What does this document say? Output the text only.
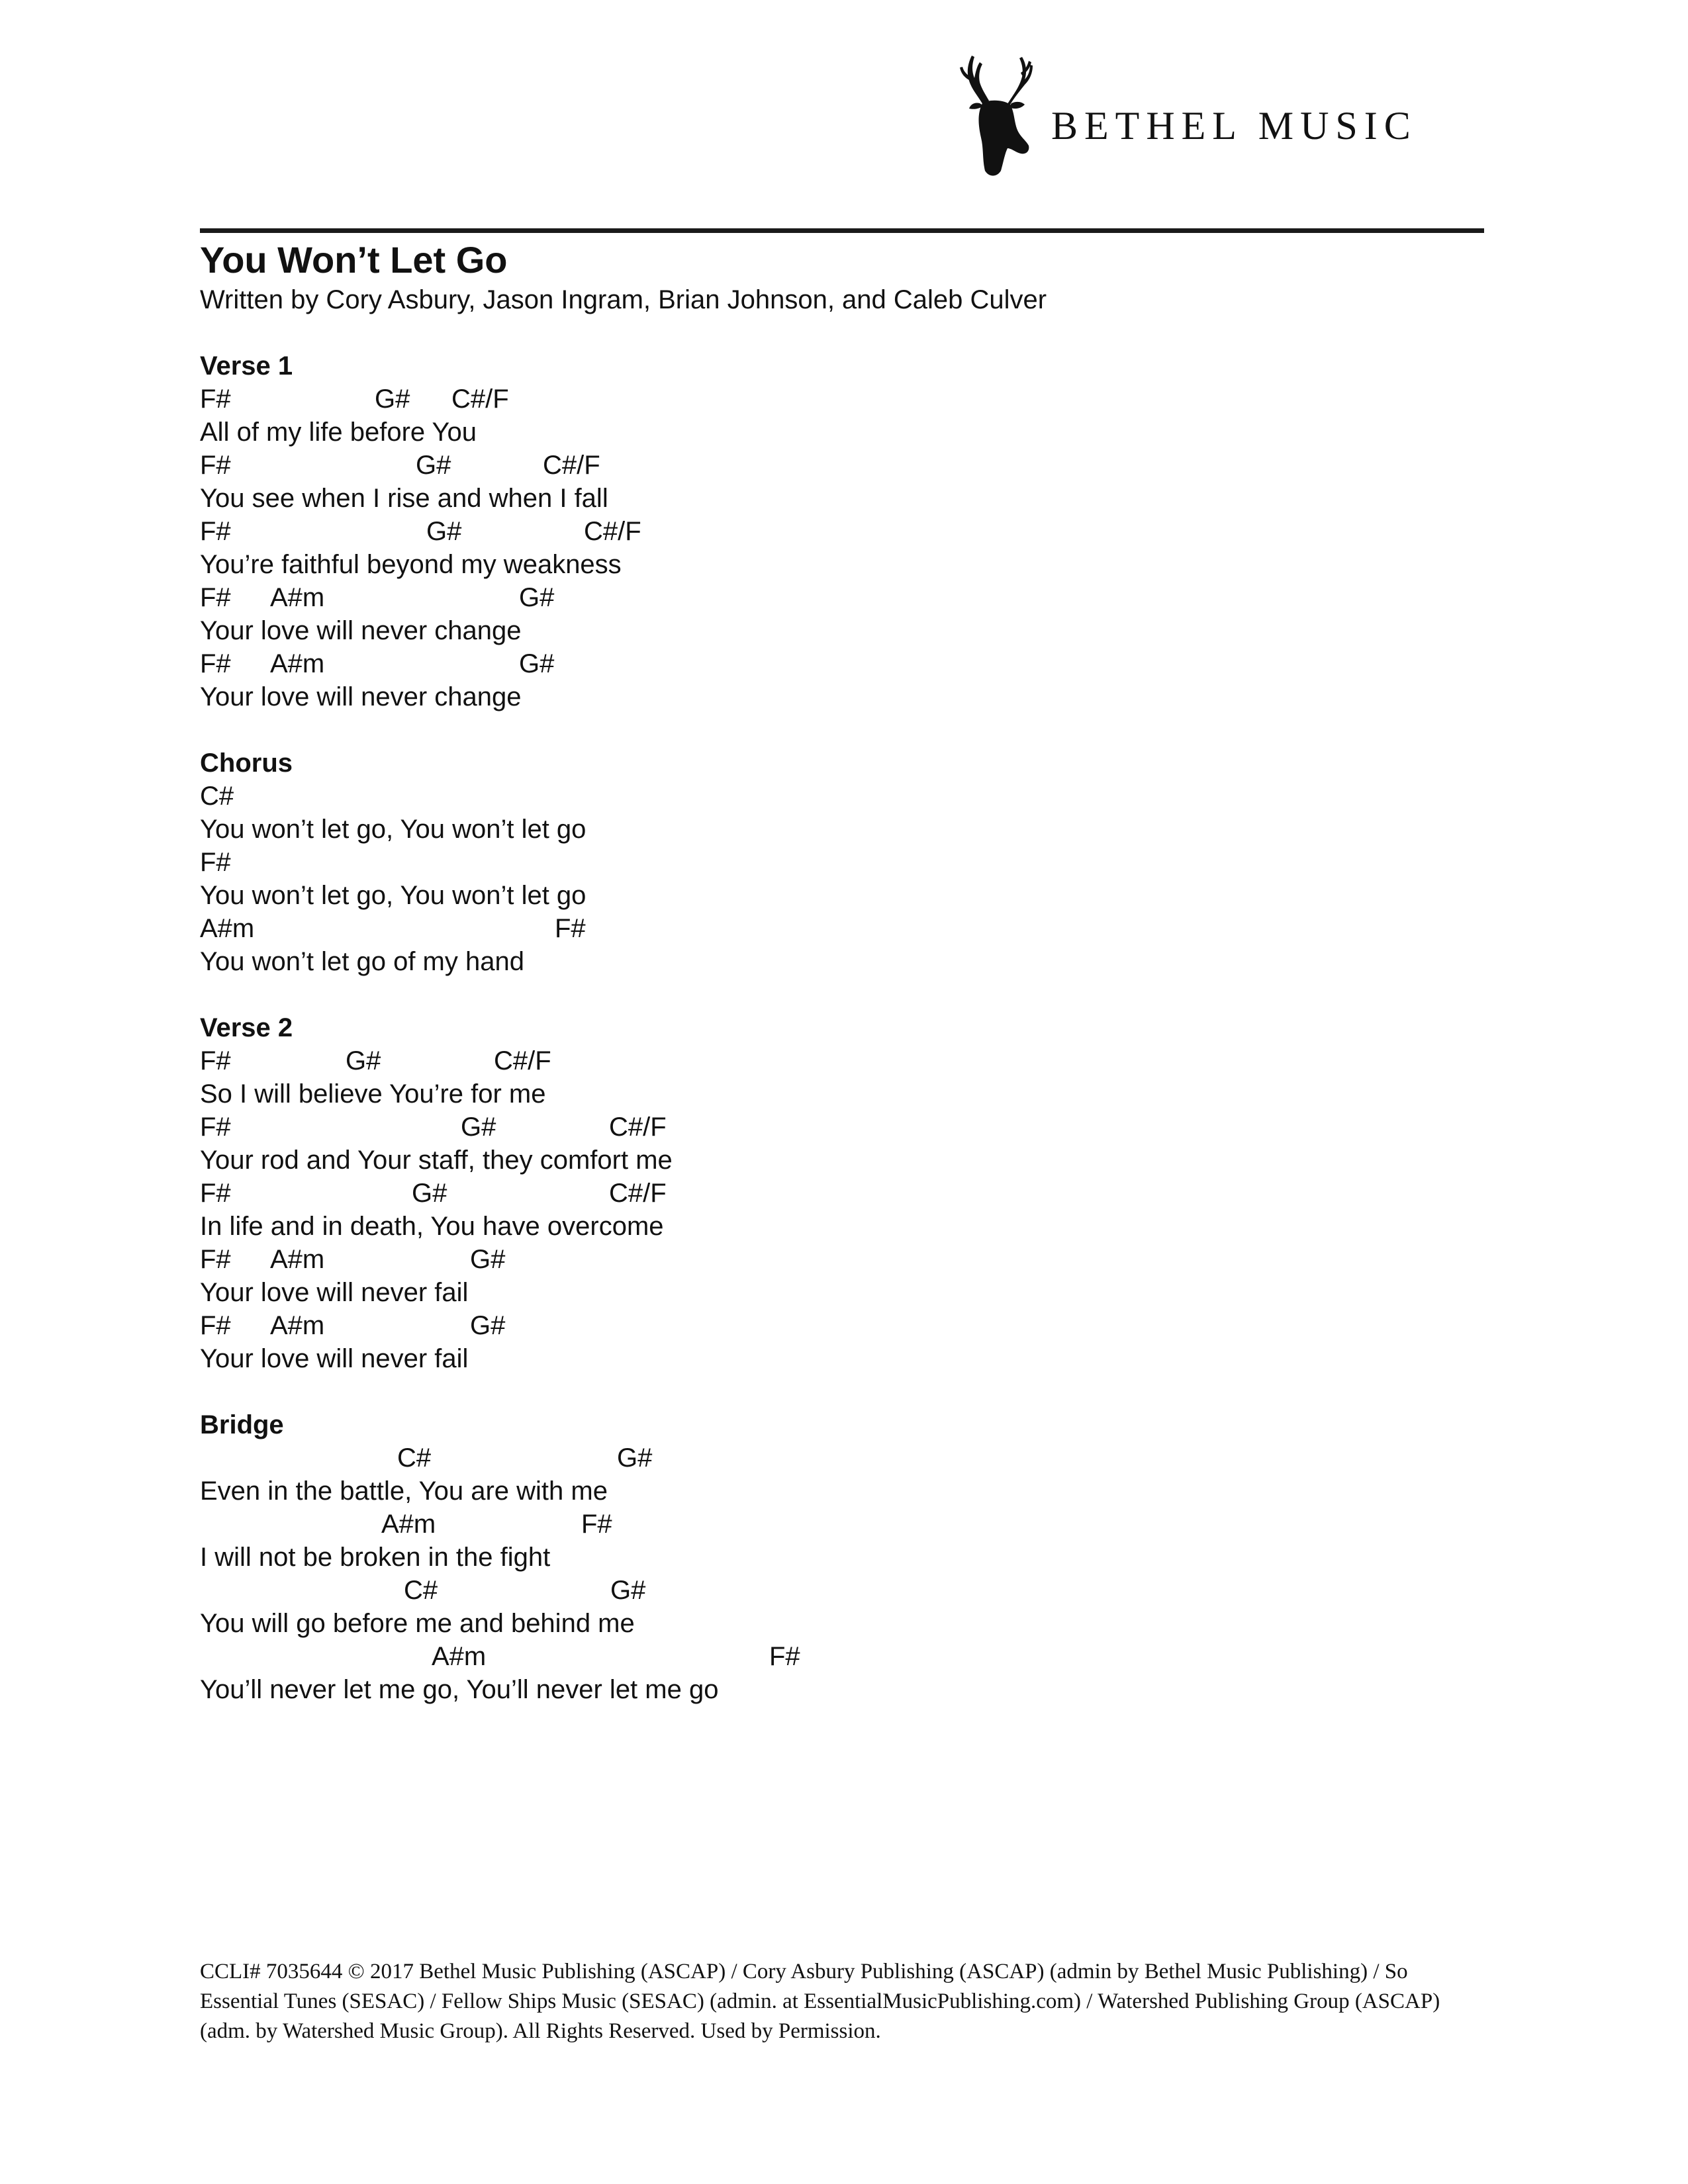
BETHEL MUSIC
You Won’t Let Go
Written by Cory Asbury, Jason Ingram, Brian Johnson, and Caleb Culver
Verse 1
F#	G# C#/F
All of my life before You
F#	G#	C#/F
You see when I rise and when I fall
F#	G#	C#/F
You’re faithful beyond my weakness
F# A#m	G#
Your love will never change
F# A#m	G#
Your love will never change
Chorus
C#
You won’t let go, You won’t let go
F#
You won’t let go, You won’t let go
A#m	F#
You won’t let go of my hand
Verse 2
F#	G#	C#/F
So I will believe You’re for me
F#	G#	C#/F
Your rod and Your staff, they comfort me
F#	G#	C#/F
In life and in death, You have overcome
F# A#m	G#
Your love will never fail
F# A#m	G#
Your love will never fail
Bridge
C#	G#
Even in the battle, You are with me
A#m	F#
I will not be broken in the fight
C#	G#
You will go before me and behind me
A#m	F#
You’ll never let me go, You’ll never let me go
CCLI# 7035644 © 2017 Bethel Music Publishing (ASCAP) / Cory Asbury Publishing (ASCAP) (admin by Bethel Music Publishing) / So Essential Tunes (SESAC) / Fellow Ships Music (SESAC) (admin. at EssentialMusicPublishing.com) / Watershed Publishing Group (ASCAP) (adm. by Watershed Music Group). All Rights Reserved. Used by Permission.
